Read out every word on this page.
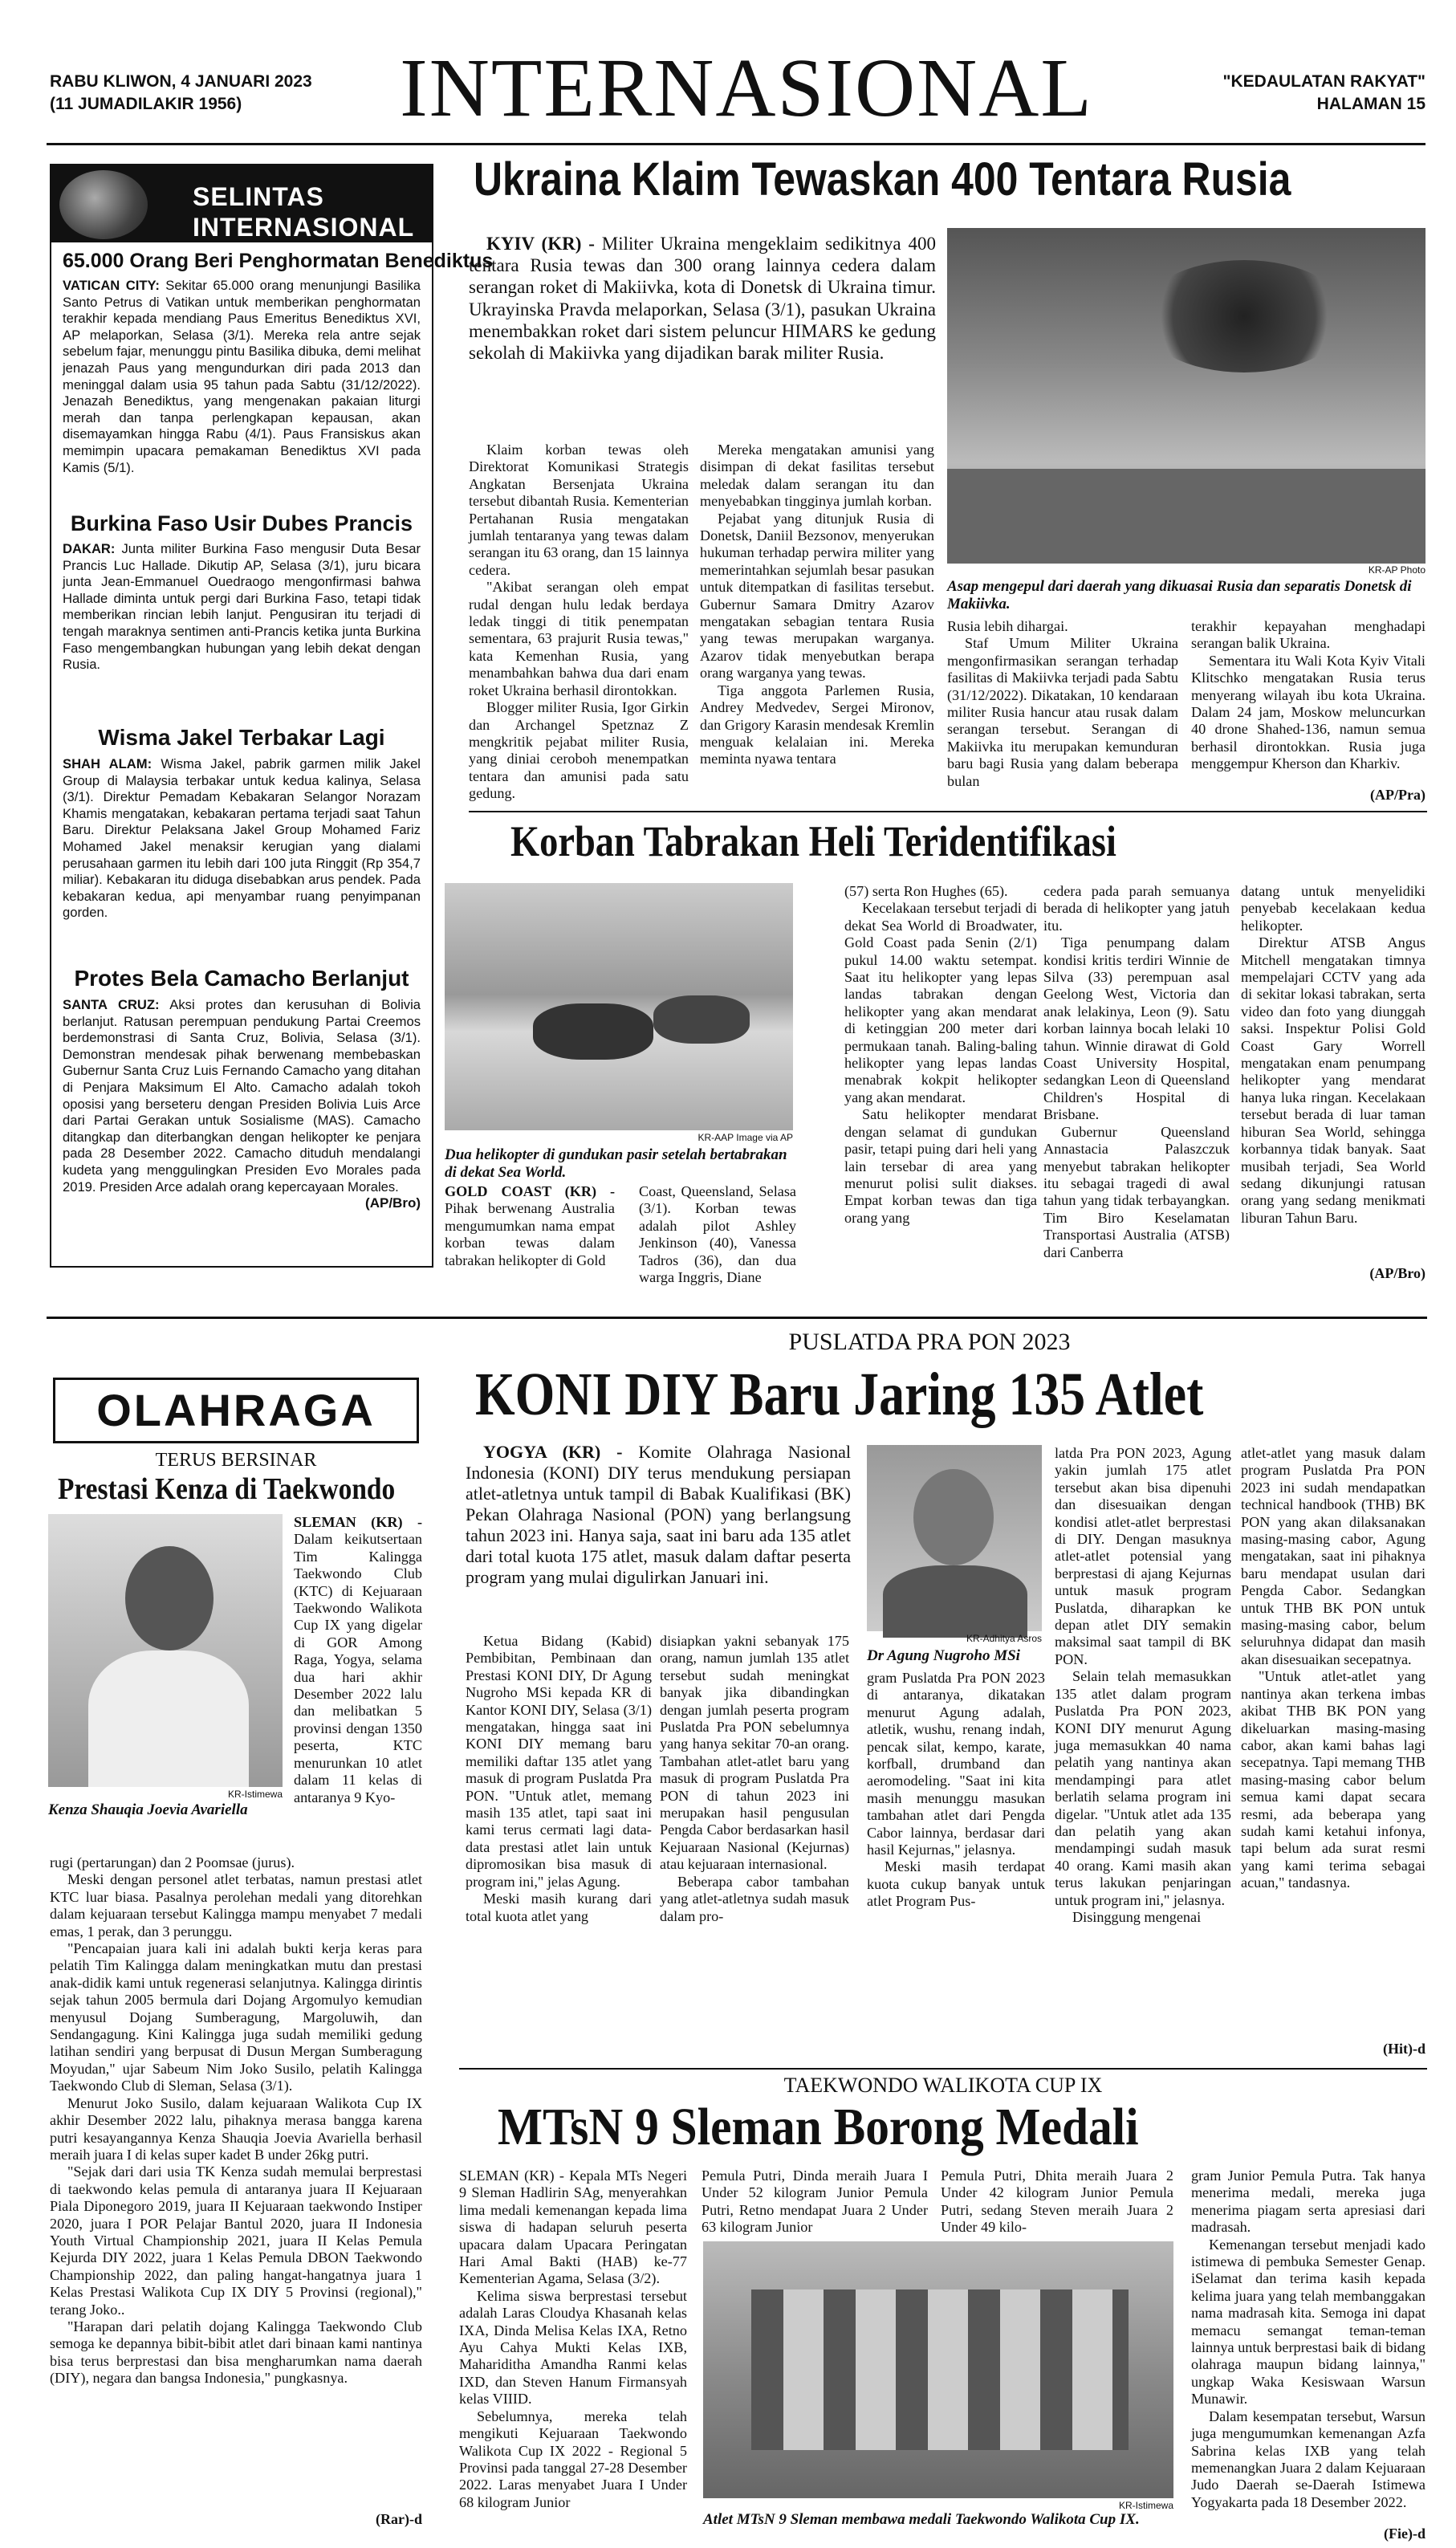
RABU KLIWON, 4 JANUARI 2023
(11 JUMADILAKIR 1956)	INTERNASIONAL	"KEDAULATAN RAKYAT"
HALAMAN 15
SELINTAS
INTERNASIONAL
65.000 Orang Beri Penghormatan Benediktus
VATICAN CITY: Sekitar 65.000 orang menunjungi Basilika Santo Petrus di Vatikan untuk memberikan penghormatan terakhir kepada mendiang Paus Emeritus Benediktus XVI, AP melaporkan, Selasa (3/1). Mereka rela antre sejak sebelum fajar, menunggu pintu Basilika dibuka, demi melihat jenazah Paus yang mengundurkan diri pada 2013 dan meninggal dalam usia 95 tahun pada Sabtu (31/12/2022). Jenazah Benediktus, yang mengenakan pakaian liturgi merah dan tanpa perlengkapan kepausan, akan disemayamkan hingga Rabu (4/1). Paus Fransiskus akan memimpin upacara pemakaman Benediktus XVI pada Kamis (5/1).
Burkina Faso Usir Dubes Prancis
DAKAR: Junta militer Burkina Faso mengusir Duta Besar Prancis Luc Hallade. Dikutip AP, Selasa (3/1), juru bicara junta Jean-Emmanuel Ouedraogo mengonfirmasi bahwa Hallade diminta untuk pergi dari Burkina Faso, tetapi tidak memberikan rincian lebih lanjut. Pengusiran itu terjadi di tengah maraknya sentimen anti-Prancis ketika junta Burkina Faso mengembangkan hubungan yang lebih dekat dengan Rusia.
Wisma Jakel Terbakar Lagi
SHAH ALAM: Wisma Jakel, pabrik garmen milik Jakel Group di Malaysia terbakar untuk kedua kalinya, Selasa (3/1). Direktur Pemadam Kebakaran Selangor Norazam Khamis mengatakan, kebakaran pertama terjadi saat Tahun Baru. Direktur Pelaksana Jakel Group Mohamed Fariz Mohamed Jakel menaksir kerugian yang dialami perusahaan garmen itu lebih dari 100 juta Ringgit (Rp 354,7 miliar). Kebakaran itu diduga disebabkan arus pendek. Pada kebakaran kedua, api menyambar ruang penyimpanan gorden.
Protes Bela Camacho Berlanjut
SANTA CRUZ: Aksi protes dan kerusuhan di Bolivia berlanjut. Ratusan perempuan pendukung Partai Creemos berdemonstrasi di Santa Cruz, Bolivia, Selasa (3/1). Demonstran mendesak pihak berwenang membebaskan Gubernur Santa Cruz Luis Fernando Camacho yang ditahan di Penjara Maksimum El Alto. Camacho adalah tokoh oposisi yang berseteru dengan Presiden Bolivia Luis Arce dari Partai Gerakan untuk Sosialisme (MAS). Camacho ditangkap dan diterbangkan dengan helikopter ke penjara pada 28 Desember 2022. Camacho dituduh mendalangi kudeta yang menggulingkan Presiden Evo Morales pada 2019. Presiden Arce adalah orang kepercayaan Morales.
(AP/Bro)
Ukraina Klaim Tewaskan 400 Tentara Rusia

KYIV (KR) - Militer Ukraina mengeklaim sedikitnya 400 tentara Rusia tewas dan 300 orang lainnya cedera dalam serangan roket di Makiivka, kota di Donetsk di Ukraina timur. Ukrayinska Pravda melaporkan, Selasa (3/1), pasukan Ukraina menembakkan roket dari sistem peluncur HIMARS ke gedung sekolah di Makiivka yang dijadikan barak militer Rusia.

KR-AP Photo
Asap mengepul dari daerah yang dikuasai Rusia dan separatis Donetsk di Makiivka.

Klaim korban tewas oleh Direktorat Komunikasi Strategis Angkatan Bersenjata Ukraina tersebut dibantah Rusia. Kementerian Pertahanan Rusia mengatakan jumlah tentaranya yang tewas dalam serangan itu 63 orang, dan 15 lainnya cedera.

"Akibat serangan oleh empat rudal dengan hulu ledak berdaya ledak tinggi di titik penempatan sementara, 63 prajurit Rusia tewas," kata Kemenhan Rusia, yang menambahkan bahwa dua dari enam roket Ukraina berhasil dirontokkan.

Blogger militer Rusia, Igor Girkin dan Archangel Spetznaz Z mengkritik pejabat militer Rusia, yang diniai ceroboh menempatkan tentara dan amunisi pada satu gedung.

Mereka mengatakan amunisi yang disimpan di dekat fasilitas tersebut meledak dalam serangan itu dan menyebabkan tingginya jumlah korban.

Pejabat yang ditunjuk Rusia di Donetsk, Daniil Bezsonov, menyerukan hukuman terhadap perwira militer yang memerintahkan sejumlah besar pasukan untuk ditempatkan di fasilitas tersebut. Gubernur Samara Dmitry Azarov mengatakan sebagian tentara Rusia yang tewas merupakan warganya. Azarov tidak menyebutkan berapa orang warganya yang tewas.

Tiga anggota Parlemen Rusia, Andrey Medvedev, Sergei Mironov, dan Grigory Karasin mendesak Kremlin menguak kelalaian ini. Mereka meminta nyawa tentara

Rusia lebih dihargai.

Staf Umum Militer Ukraina mengonfirmasikan serangan terhadap fasilitas di Makiivka terjadi pada Sabtu (31/12/2022). Dikatakan, 10 kendaraan militer Rusia hancur atau rusak dalam serangan tersebut. Serangan di Makiivka itu merupakan kemunduran baru bagi Rusia yang dalam beberapa bulan

terakhir kepayahan menghadapi serangan balik Ukraina.

Sementara itu Wali Kota Kyiv Vitali Klitschko mengatakan Rusia terus menyerang wilayah ibu kota Ukraina. Dalam 24 jam, Moskow meluncurkan 40 drone Shahed-136, namun semua berhasil dirontokkan. Rusia juga menggempur Kherson dan Kharkiv.

(AP/Pra)
Korban Tabrakan Heli Teridentifikasi
KR-AAP Image via AP
Dua helikopter di gundukan pasir setelah bertabrakan di dekat Sea World.

GOLD COAST (KR) - Pihak berwenang Australia mengumumkan nama empat korban tewas dalam tabrakan helikopter di Gold

Coast, Queensland, Selasa (3/1). Korban tewas adalah pilot Ashley Jenkinson (40), Vanessa Tadros (36), dan dua warga Inggris, Diane

(57) serta Ron Hughes (65).

Kecelakaan tersebut terjadi di dekat Sea World di Broadwater, Gold Coast pada Senin (2/1) pukul 14.00 waktu setempat. Saat itu helikopter yang lepas landas tabrakan dengan helikopter yang akan mendarat di ketinggian 200 meter dari permukaan tanah. Baling-baling helikopter yang lepas landas menabrak kokpit helikopter yang akan mendarat.

Satu helikopter mendarat dengan selamat di gundukan pasir, tetapi puing dari heli yang lain tersebar di area yang menurut polisi sulit diakses. Empat korban tewas dan tiga orang yang

cedera pada parah semuanya berada di helikopter yang jatuh itu.

Tiga penumpang dalam kondisi kritis terdiri Winnie de Silva (33) perempuan asal Geelong West, Victoria dan anak lelakinya, Leon (9). Satu korban lainnya bocah lelaki 10 tahun. Winnie dirawat di Gold Coast University Hospital, sedangkan Leon di Queensland Children's Hospital di Brisbane.

Gubernur Queensland Annastacia Palaszczuk menyebut tabrakan helikopter itu sebagai tragedi di awal tahun yang tidak terbayangkan. Tim Biro Keselamatan Transportasi Australia (ATSB) dari Canberra

datang untuk menyelidiki penyebab kecelakaan kedua helikopter.

Direktur ATSB Angus Mitchell mengatakan timnya mempelajari CCTV yang ada di sekitar lokasi tabrakan, serta video dan foto yang diunggah saksi. Inspektur Polisi Gold Coast Gary Worrell mengatakan enam penumpang helikopter yang mendarat hanya luka ringan. Kecelakaan tersebut berada di luar taman hiburan Sea World, sehingga korbannya tidak banyak. Saat musibah terjadi, Sea World sedang dikunjungi ratusan orang yang sedang menikmati liburan Tahun Baru.

(AP/Bro)
OLAHRAGA
TERUS BERSINAR
Prestasi Kenza di Taekwondo
KR-Istimewa
Kenza Shauqia Joevia Avariella

SLEMAN (KR) - Dalam keikutsertaan Tim Kalingga Taekwondo Club (KTC) di Kejuaraan Taekwondo Walikota Cup IX yang digelar di GOR Among Raga, Yogya, selama dua hari akhir Desember 2022 lalu dan melibatkan 5 provinsi dengan 1350 peserta, KTC menurunkan 10 atlet dalam 11 kelas di antaranya 9 Kyo-

rugi (pertarungan) dan 2 Poomsae (jurus).

Meski dengan personel atlet terbatas, namun prestasi atlet KTC luar biasa. Pasalnya perolehan medali yang ditorehkan dalam kejuaraan tersebut Kalingga mampu menyabet 7 medali emas, 1 perak, dan 3 perunggu.

"Pencapaian juara kali ini adalah bukti kerja keras para pelatih Tim Kalingga dalam meningkatkan mutu dan prestasi anak-didik kami untuk regenerasi selanjutnya. Kalingga dirintis sejak tahun 2005 bermula dari Dojang Argomulyo kemudian menyusul Dojang Sumberagung, Margoluwih, dan Sendangagung. Kini Kalingga juga sudah memiliki gedung latihan sendiri yang berpusat di Dusun Mergan Sumberagung Moyudan," ujar Sabeum Nim Joko Susilo, pelatih Kalingga Taekwondo Club di Sleman, Selasa (3/1).

Menurut Joko Susilo, dalam kejuaraan Walikota Cup IX akhir Desember 2022 lalu, pihaknya merasa bangga karena putri kesayangannya Kenza Shauqia Joevia Avariella berhasil meraih juara I di kelas super kadet B under 26kg putri.

"Sejak dari dari usia TK Kenza sudah memulai berprestasi di taekwondo kelas pemula di antaranya juara II Kejuaraan Piala Diponegoro 2019, juara II Kejuaraan taekwondo Instiper 2020, juara I POR Pelajar Bantul 2020, juara II Indonesia Youth Virtual Championship 2021, juara II Kelas Pemula Kejurda DIY 2022, juara 1 Kelas Pemula DBON Taekwondo Championship 2022, dan paling hangat-hangatnya juara 1 Kelas Prestasi Walikota Cup IX DIY 5 Provinsi (regional)," terang Joko..

"Harapan dari pelatih dojang Kalingga Taekwondo Club semoga ke depannya bibit-bibit atlet dari binaan kami nantinya bisa terus berprestasi dan bisa mengharumkan nama daerah (DIY), negara dan bangsa Indonesia," pungkasnya.

(Rar)-d
PUSLATDA PRA PON 2023
KONI DIY Baru Jaring 135 Atlet

YOGYA (KR) - Komite Olahraga Nasional Indonesia (KONI) DIY terus mendukung persiapan atlet-atletnya untuk tampil di Babak Kualifikasi (BK) Pekan Olahraga Nasional (PON) yang berlangsung tahun 2023 ini. Hanya saja, saat ini baru ada 135 atlet dari total kuota 175 atlet, masuk dalam daftar peserta program yang mulai digulirkan Januari ini.

KR-Adhitya Asros
Dr Agung Nugroho MSi

Ketua Bidang (Kabid) Pembibitan, Pembinaan dan Prestasi KONI DIY, Dr Agung Nugroho MSi kepada KR di Kantor KONI DIY, Selasa (3/1) mengatakan, hingga saat ini KONI DIY memang baru memiliki daftar 135 atlet yang masuk di program Puslatda Pra PON. "Untuk atlet, memang masih 135 atlet, tapi saat ini kami terus cermati lagi data-data prestasi atlet lain untuk dipromosikan bisa masuk di program ini," jelas Agung.

Meski masih kurang dari total kuota atlet yang

disiapkan yakni sebanyak 175 orang, namun jumlah 135 atlet tersebut sudah meningkat banyak jika dibandingkan dengan jumlah peserta program Puslatda Pra PON sebelumnya yang hanya sekitar 70-an orang. Tambahan atlet-atlet baru yang masuk di program Puslatda Pra PON di tahun 2023 ini merupakan hasil pengusulan Pengda Cabor berdasarkan hasil Kejuaraan Nasional (Kejurnas) atau kejuaraan internasional.

Beberapa cabor tambahan yang atlet-atletnya sudah masuk dalam pro-

gram Puslatda Pra PON 2023 di antaranya, dikatakan menurut Agung adalah, atletik, wushu, renang indah, pencak silat, kempo, karate, korfball, drumband dan aeromodeling. "Saat ini kita masih menunggu masukan tambahan atlet dari Pengda Cabor lainnya, berdasar dari hasil Kejurnas," jelasnya.

Meski masih terdapat kuota cukup banyak untuk atlet Program Pus-

latda Pra PON 2023, Agung yakin jumlah 175 atlet tersebut akan bisa dipenuhi dan disesuaikan dengan kondisi atlet-atlet berprestasi di DIY. Dengan masuknya atlet-atlet potensial yang berprestasi di ajang Kejurnas untuk masuk program Puslatda, diharapkan ke depan atlet DIY semakin maksimal saat tampil di BK PON.

Selain telah memasukkan 135 atlet dalam program Puslatda Pra PON 2023, KONI DIY menurut Agung juga memasukkan 40 nama pelatih yang nantinya akan mendampingi para atlet berlatih selama program ini digelar. "Untuk atlet ada 135 dan pelatih yang akan mendampingi sudah masuk 40 orang. Kami masih akan terus lakukan penjaringan untuk program ini," jelasnya.

Disinggung mengenai

atlet-atlet yang masuk dalam program Puslatda Pra PON 2023 ini sudah mendapatkan technical handbook (THB) BK PON yang akan dilaksanakan masing-masing cabor, Agung mengatakan, saat ini pihaknya baru mendapat usulan dari Pengda Cabor. Sedangkan untuk THB BK PON untuk masing-masing cabor, belum seluruhnya didapat dan masih akan disesuaikan secepatnya.

"Untuk atlet-atlet yang nantinya akan terkena imbas akibat THB BK PON yang dikeluarkan masing-masing cabor, akan kami bahas lagi secepatnya. Tapi memang THB masing-masing cabor belum semua kami dapat secara resmi, ada beberapa yang sudah kami ketahui infonya, tapi belum ada surat resmi yang kami terima sebagai acuan," tandasnya.

(Hit)-d
TAEKWONDO WALIKOTA CUP IX
MTsN 9 Sleman Borong Medali

SLEMAN (KR) - Kepala MTs Negeri 9 Sleman Hadlirin SAg, menyerahkan lima medali kemenangan kepada lima siswa di hadapan seluruh peserta upacara dalam Upacara Peringatan Hari Amal Bakti (HAB) ke-77 Kementerian Agama, Selasa (3/2).

Kelima siswa berprestasi tersebut adalah Laras Cloudya Khasanah kelas IXA, Dinda Melisa Kelas IXA, Retno Ayu Cahya Mukti Kelas IXB, Mahariditha Amandha Ranmi kelas IXD, dan Steven Hanum Firmansyah kelas VIIID.

Sebelumnya, mereka telah mengikuti Kejuaraan Taekwondo Walikota Cup IX 2022 - Regional 5 Provinsi pada tanggal 27-28 Desember 2022. Laras menyabet Juara I Under 68 kilogram Junior

Pemula Putri, Dinda meraih Juara I Under 52 kilogram Junior Pemula Putri, Retno mendapat Juara 2 Under 63 kilogram Junior

Pemula Putri, Dhita meraih Juara 2 Under 42 kilogram Junior Pemula Putri, sedang Steven meraih Juara 2 Under 49 kilo-

KR-Istimewa
Atlet MTsN 9 Sleman membawa medali Taekwondo Walikota Cup IX.

gram Junior Pemula Putra. Tak hanya menerima medali, mereka juga menerima piagam serta apresiasi dari madrasah.

Kemenangan tersebut menjadi kado istimewa di pembuka Semester Genap. iSelamat dan terima kasih kepada kelima juara yang telah membanggakan nama madrasah kita. Semoga ini dapat memacu semangat teman-teman lainnya untuk berprestasi baik di bidang olahraga maupun bidang lainnya," ungkap Waka Kesiswaan Warsun Munawir.

Dalam kesempatan tersebut, Warsun juga mengumumkan kemenangan Azfa Sabrina kelas IXB yang telah memenangkan Juara 2 dalam Kejuaraan Judo Daerah se-Daerah Istimewa Yogyakarta pada 18 Desember 2022.

(Fie)-d
